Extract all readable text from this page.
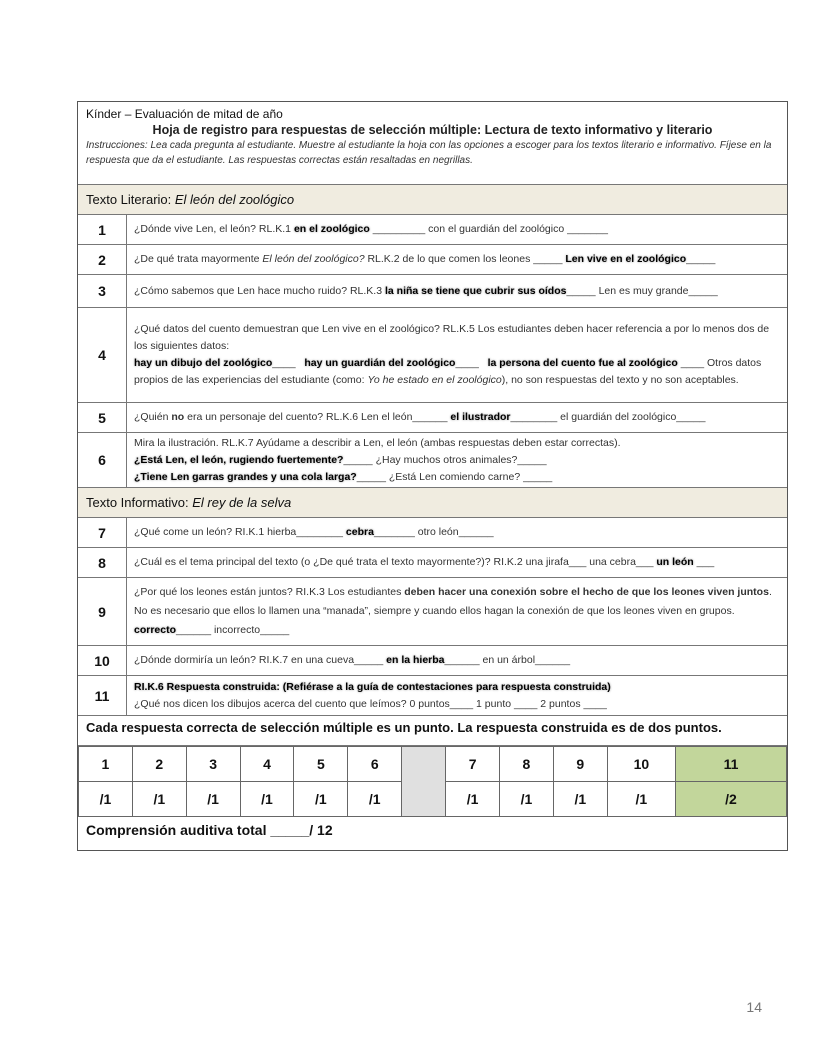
Kínder – Evaluación de mitad de año
Hoja de registro para respuestas de selección múltiple: Lectura de texto informativo y literario
Instrucciones: Lea cada pregunta al estudiante. Muestre al estudiante la hoja con las opciones a escoger para los textos literario e informativo. Fíjese en la respuesta que da el estudiante. Las respuestas correctas están resaltadas en negrillas.
Texto Literario: El león del zoológico
1	¿Dónde vive Len, el león? RL.K.1 en el zoológico _________ con el guardián del zoológico _______
2	¿De qué trata mayormente El león del zoológico? RL.K.2 de lo que comen los leones _____ Len vive en el zoológico_____
3	¿Cómo sabemos que Len hace mucho ruido? RL.K.3 la niña se tiene que cubrir sus oídos_____ Len es muy grande_____
4
¿Qué datos del cuento demuestran que Len vive en el zoológico? RL.K.5 Los estudiantes deben hacer referencia a por lo menos dos de los siguientes datos:
hay un dibujo del zoológico____   hay un guardián del zoológico____   la persona del cuento fue al zoológico ____ Otros datos propios de las experiencias del estudiante (como: Yo he estado en el zoológico), no son respuestas del texto y no son aceptables.
5	¿Quién no era un personaje del cuento? RL.K.6 Len el león______ el ilustrador________ el guardián del zoológico_____
6
Mira la ilustración. RL.K.7 Ayúdame a describir a Len, el león (ambas respuestas deben estar correctas).
¿Está Len, el león, rugiendo fuertemente?_____ ¿Hay muchos otros animales?_____
¿Tiene Len garras grandes y una cola larga?_____ ¿Está Len comiendo carne? _____
Texto Informativo: El rey de la selva
7	¿Qué come un león? RI.K.1 hierba________ cebra_______ otro león______
8	¿Cuál es el tema principal del texto (o ¿De qué trata el texto mayormente?)? RI.K.2 una jirafa___ una cebra___ un león ___
9
¿Por qué los leones están juntos? RI.K.3 Los estudiantes deben hacer una conexión sobre el hecho de que los leones viven juntos. No es necesario que ellos lo llamen una “manada”, siempre y cuando ellos hagan la conexión de que los leones viven en grupos. correcto______ incorrecto_____
10	¿Dónde dormiría un león? RI.K.7 en una cueva_____ en la hierba______ en un árbol______
11
RI.K.6 Respuesta construida: (Refiérase a la guía de contestaciones para respuesta construida)
¿Qué nos dicen los dibujos acerca del cuento que leímos? 0 puntos____ 1 punto ____ 2 puntos ____
Cada respuesta correcta de selección múltiple es un punto. La respuesta construida es de dos puntos.
1	2	3	4	5	6		7	8	9	10	11
/1	/1	/1	/1	/1	/1		/1	/1	/1	/1	/2
Comprensión auditiva total _____/ 12
14
